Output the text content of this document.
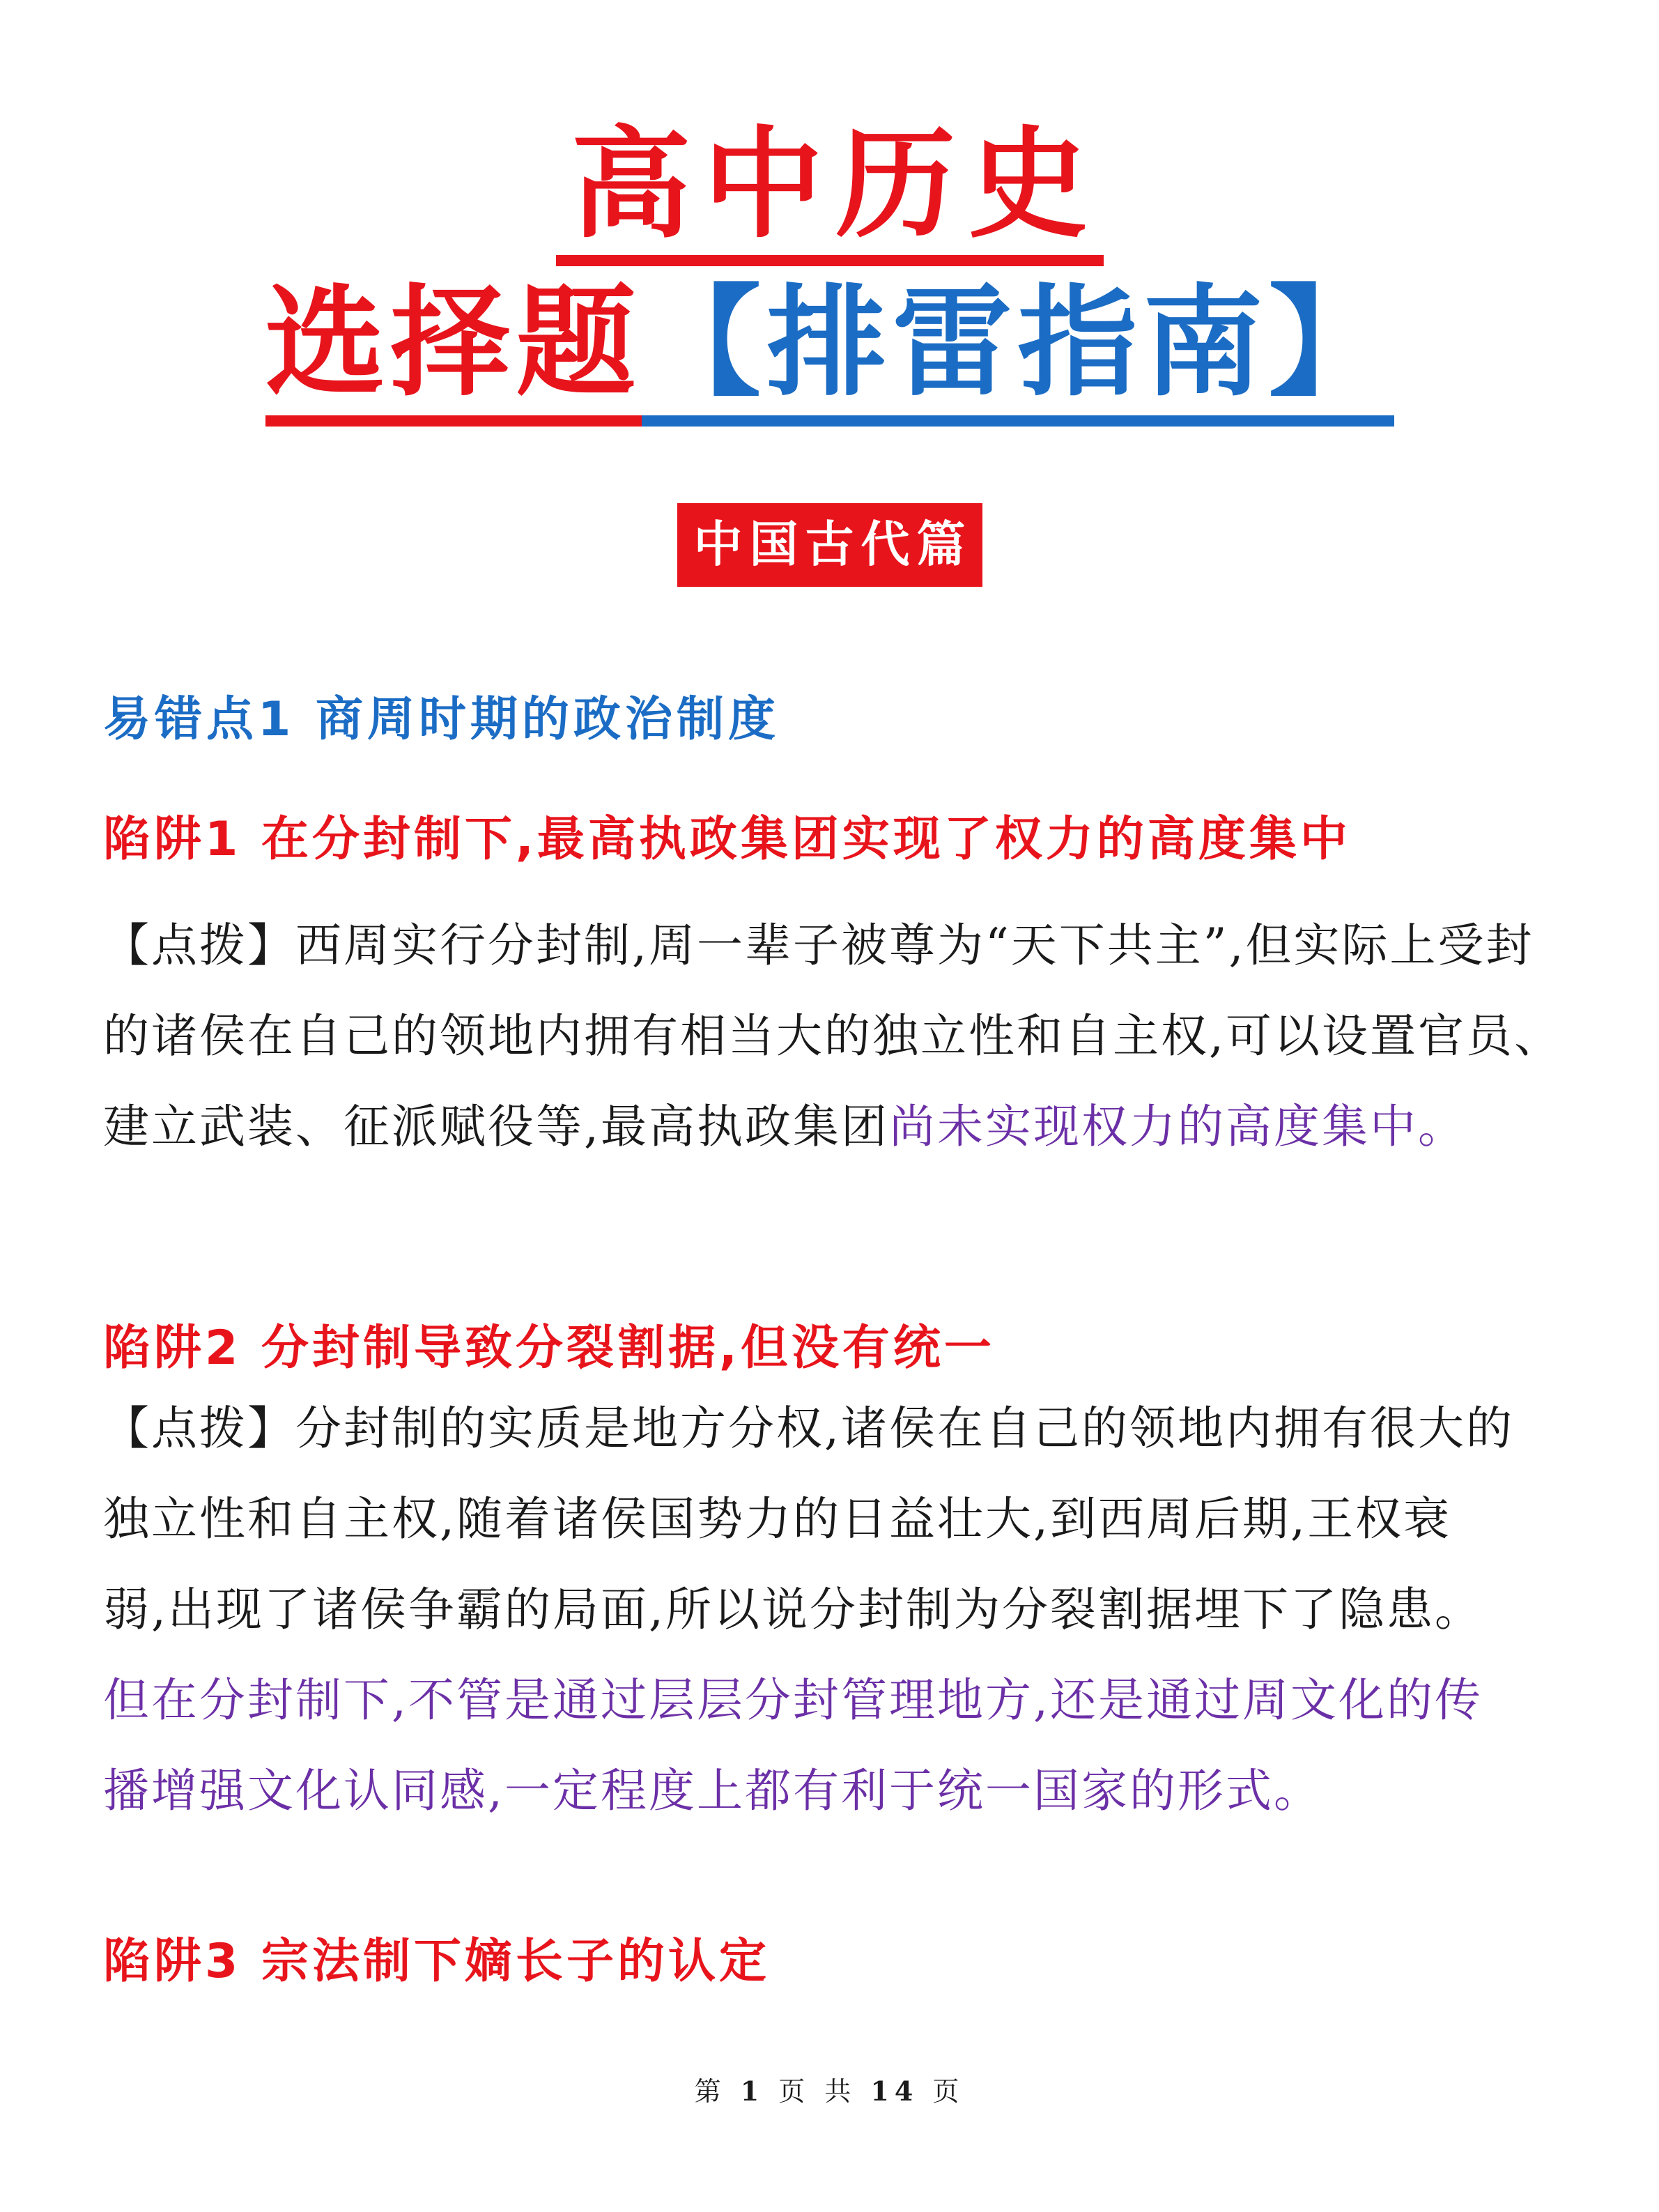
高中历史
选择题【排雷指南】
中国古代篇
易错点1 商周时期的政治制度
陷阱1 在分封制下,最高执政集团实现了权力的高度集中
【点拨】西周实行分封制,周一辈子被尊为“天下共主”,但实际上受封
的诸侯在自己的领地内拥有相当大的独立性和自主权,可以设置官员、
建立武装、征派赋役等,最高执政集团尚未实现权力的高度集中。
陷阱2 分封制导致分裂割据,但没有统一
【点拨】分封制的实质是地方分权,诸侯在自己的领地内拥有很大的
独立性和自主权,随着诸侯国势力的日益壮大,到西周后期,王权衰
弱,出现了诸侯争霸的局面,所以说分封制为分裂割据埋下了隐患。
但在分封制下,不管是通过层层分封管理地方,还是通过周文化的传
播增强文化认同感,一定程度上都有利于统一国家的形式。
陷阱3 宗法制下嫡长子的认定
第 1 页 共 14 页
